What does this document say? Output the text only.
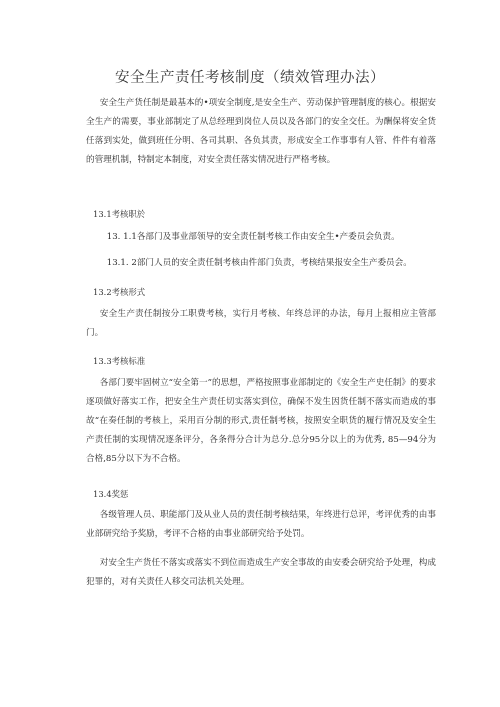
安全生产责任考核制度（绩效管理办法）
安全生产货任制是最基本的•项安全制度,是安全生产、劳动保护管理制度的核心。根据安全生产的需要，事业部制定了从总经理到岗位人员以及各部门的安全交任。为酬保将安全货任落到实处，做到班任分明、各司其职、各负其责，形成安全工作事事有人管、件件有着落的管理机制，特制定本制度，对安全责任落实情况进行严格考核。
13.1考核职於
13. 1.1各部门及事业部领导的安全责任制考核工作由安全生•产委员会负责。
13.1. 2部门人员的安全责任制考核由件部门负责，考核结果报安全生产委员会。
13.2考核形式
安全生产责任制按分工职费考核，实行月考核、年终总评的办法，每月上报相应主管部门。
13.3考核标准
各部门要牢固树立“安全第一”的思想，严格按照事业部制定的《安全生产史任制》的要求逐项做好落实工作，把安全生产责任切实落实到位，确保不发生因货任制不落实而造成的事故“在奏任制的考核上，采用百分制的形式,责任制考核，按照安全职货的履行情况及安全生产责任制的实现情况逐条评分，各条得分合计为总分.总分95分以上的为优秀, 85—94分为合格,85分以下为不合格。
13.4奖惩
各级管理人员、职能部门及从业人员的责任制考核结果，年终进行总评，考评优秀的由事业部研究给予奖励，考评不合格的由事业部研究给予处罚。
对安全生产货任不落实或落实不到位而造成生产安全事故的由安委会研究给予处理，构成犯罪的，对有关责任人移交司法机关处理。
